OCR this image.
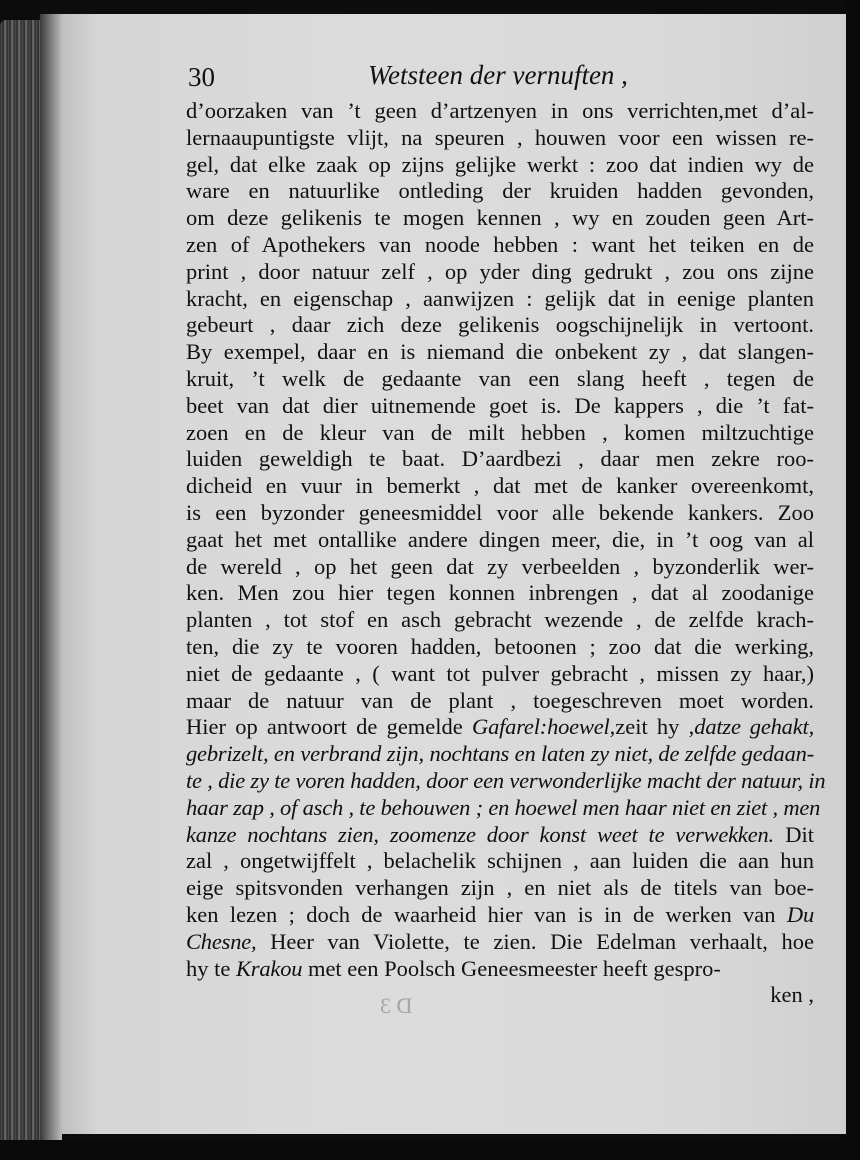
30	Wetsteen der vernuften ,
d’oorzaken van ’t geen d’artzenyen in ons verrichten,met d’al-
lernaaupuntigste vlijt, na speuren , houwen voor een wissen re-
gel, dat elke zaak op zijns gelijke werkt : zoo dat indien wy de
ware en natuurlike ontleding der kruiden hadden gevonden,
om deze gelikenis te mogen kennen , wy en zouden geen Art-
zen of Apothekers van noode hebben : want het teiken en de
print , door natuur zelf , op yder ding gedrukt , zou ons zijne
kracht, en eigenschap , aanwijzen : gelijk dat in eenige planten
gebeurt , daar zich deze gelikenis oogschijnelijk in vertoont.
By exempel, daar en is niemand die onbekent zy , dat slangen-
kruit, ’t welk de gedaante van een slang heeft , tegen de
beet van dat dier uitnemende goet is. De kappers , die ’t fat-
zoen en de kleur van de milt hebben , komen miltzuchtige
luiden geweldigh te baat. D’aardbezi , daar men zekre roo-
dicheid en vuur in bemerkt , dat met de kanker overeenkomt,
is een byzonder geneesmiddel voor alle bekende kankers. Zoo
gaat het met ontallike andere dingen meer, die, in ’t oog van al
de wereld , op het geen dat zy verbeelden , byzonderlik wer-
ken. Men zou hier tegen konnen inbrengen , dat al zoodanige
planten , tot stof en asch gebracht wezende , de zelfde krach-
ten, die zy te vooren hadden, betoonen ; zoo dat die werking,
niet de gedaante , ( want tot pulver gebracht , missen zy haar,)
maar de natuur van de plant , toegeschreven moet worden.
Hier op antwoort de gemelde Gafarel:hoewel,zeit hy ,datze gehakt,
gebrizelt, en verbrand zijn, nochtans en laten zy niet, de zelfde gedaan-
te , die zy te voren hadden, door een verwonderlijke macht der natuur, in
haar zap , of asch , te behouwen ; en hoewel men haar niet en ziet , men
kanze nochtans zien, zoomenze door konst weet te verwekken. Dit
zal , ongetwijffelt , belachelik schijnen , aan luiden die aan hun
eige spitsvonden verhangen zijn , en niet als de titels van boe-
ken lezen ; doch de waarheid hier van is in de werken van Du
Chesne, Heer van Violette, te zien. Die Edelman verhaalt, hoe
hy te Krakou met een Poolsch Geneesmeester heeft gespro-
ken ,
D 3
